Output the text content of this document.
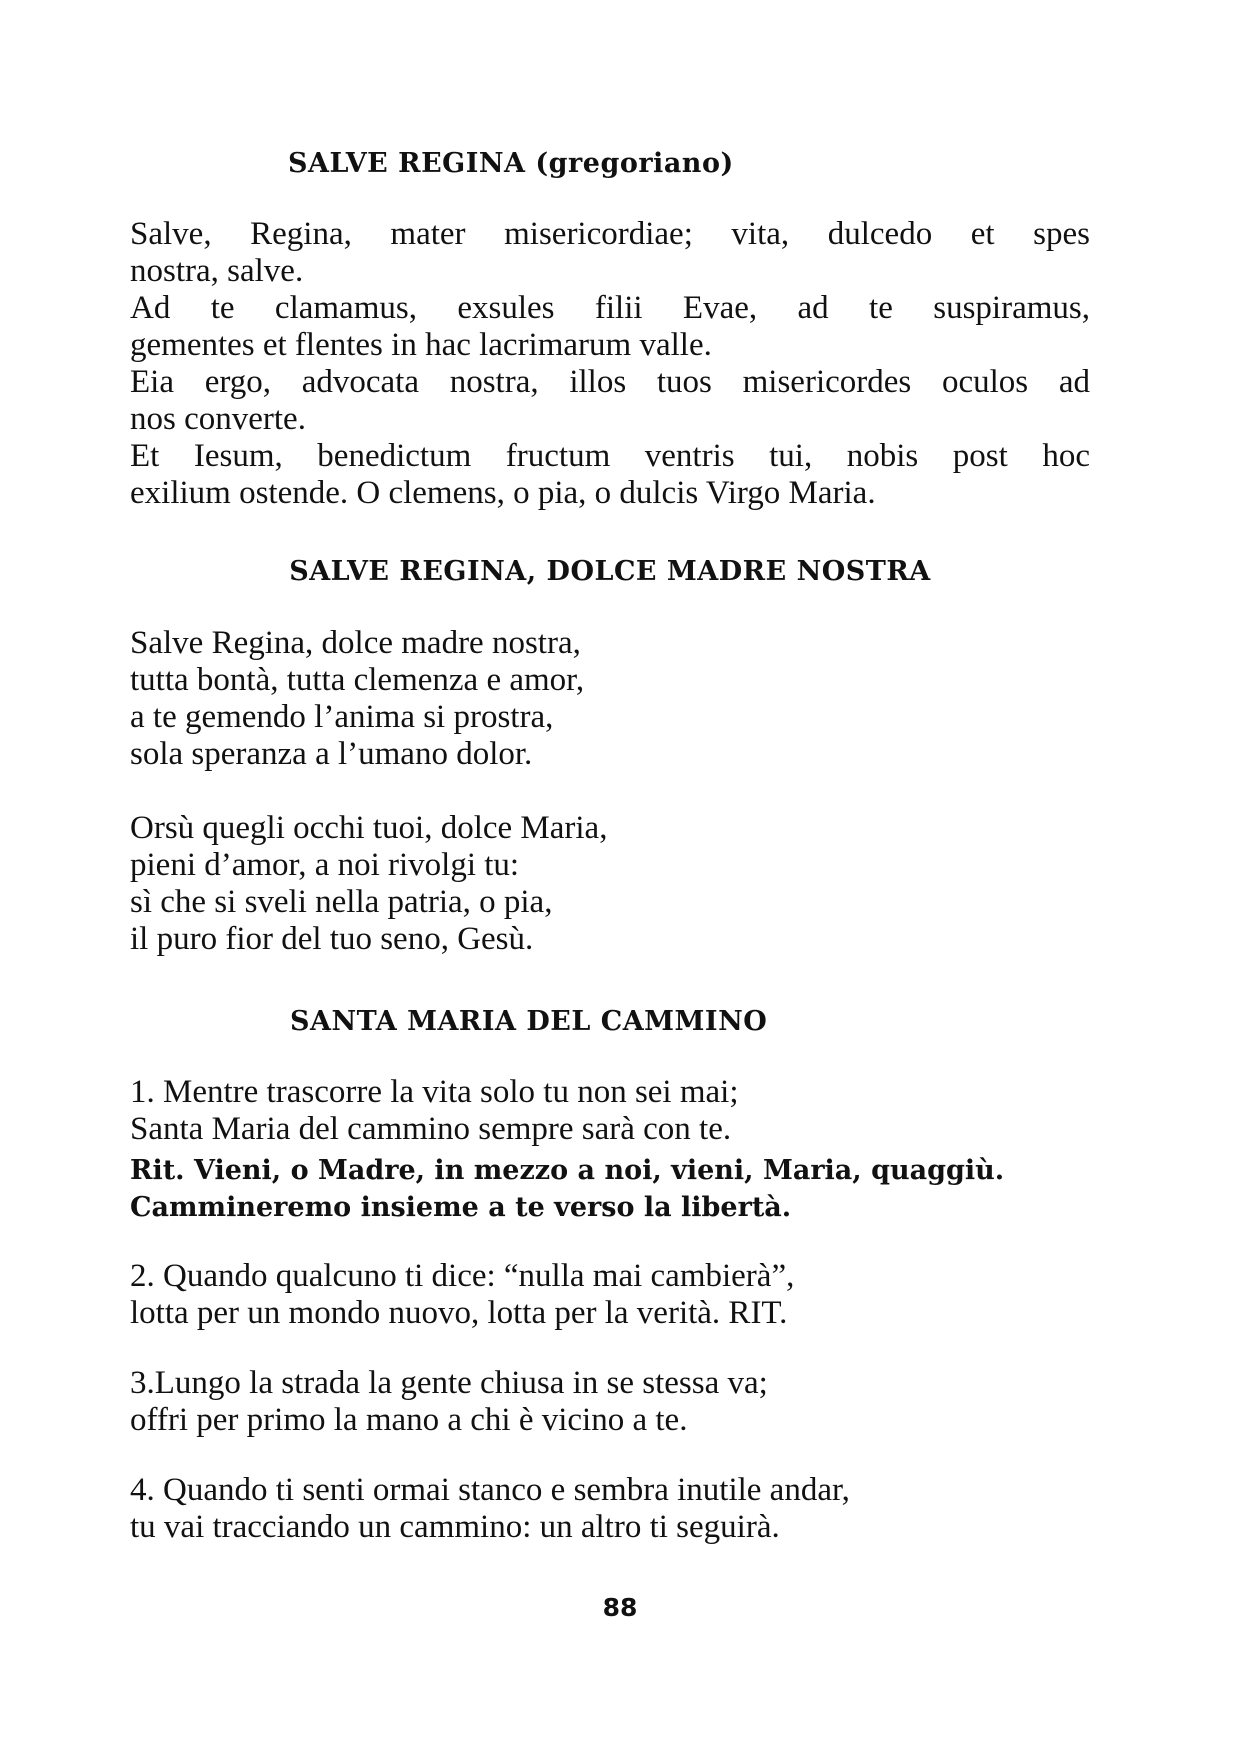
SALVE REGINA (gregoriano)
Salve, Regina, mater misericordiae; vita, dulcedo et spes
nostra, salve.
Ad te clamamus, exsules filii Evae, ad te suspiramus,
gementes et flentes in hac lacrimarum valle.
Eia ergo, advocata nostra, illos tuos misericordes oculos ad
nos converte.
Et Iesum, benedictum fructum ventris tui, nobis post hoc
exilium ostende. O clemens, o pia, o dulcis Virgo Maria.
SALVE REGINA, DOLCE MADRE NOSTRA
Salve Regina, dolce madre nostra,
tutta bontà, tutta clemenza e amor,
a te gemendo l’anima si prostra,
sola speranza a l’umano dolor.
Orsù quegli occhi tuoi, dolce Maria,
pieni d’amor, a noi rivolgi tu:
sì che si sveli nella patria, o pia,
il puro fior del tuo seno, Gesù.
SANTA MARIA DEL CAMMINO
1. Mentre trascorre la vita solo tu non sei mai;
Santa Maria del cammino sempre sarà con te.
Rit. Vieni, o Madre, in mezzo a noi, vieni, Maria, quaggiù.
Cammineremo insieme a te verso la libertà.
2. Quando qualcuno ti dice: “nulla mai cambierà”,
lotta per un mondo nuovo, lotta per la verità. RIT.
3.Lungo la strada la gente chiusa in se stessa va;
offri per primo la mano a chi è vicino a te.
4. Quando ti senti ormai stanco e sembra inutile andar,
tu vai tracciando un cammino: un altro ti seguirà.
88
